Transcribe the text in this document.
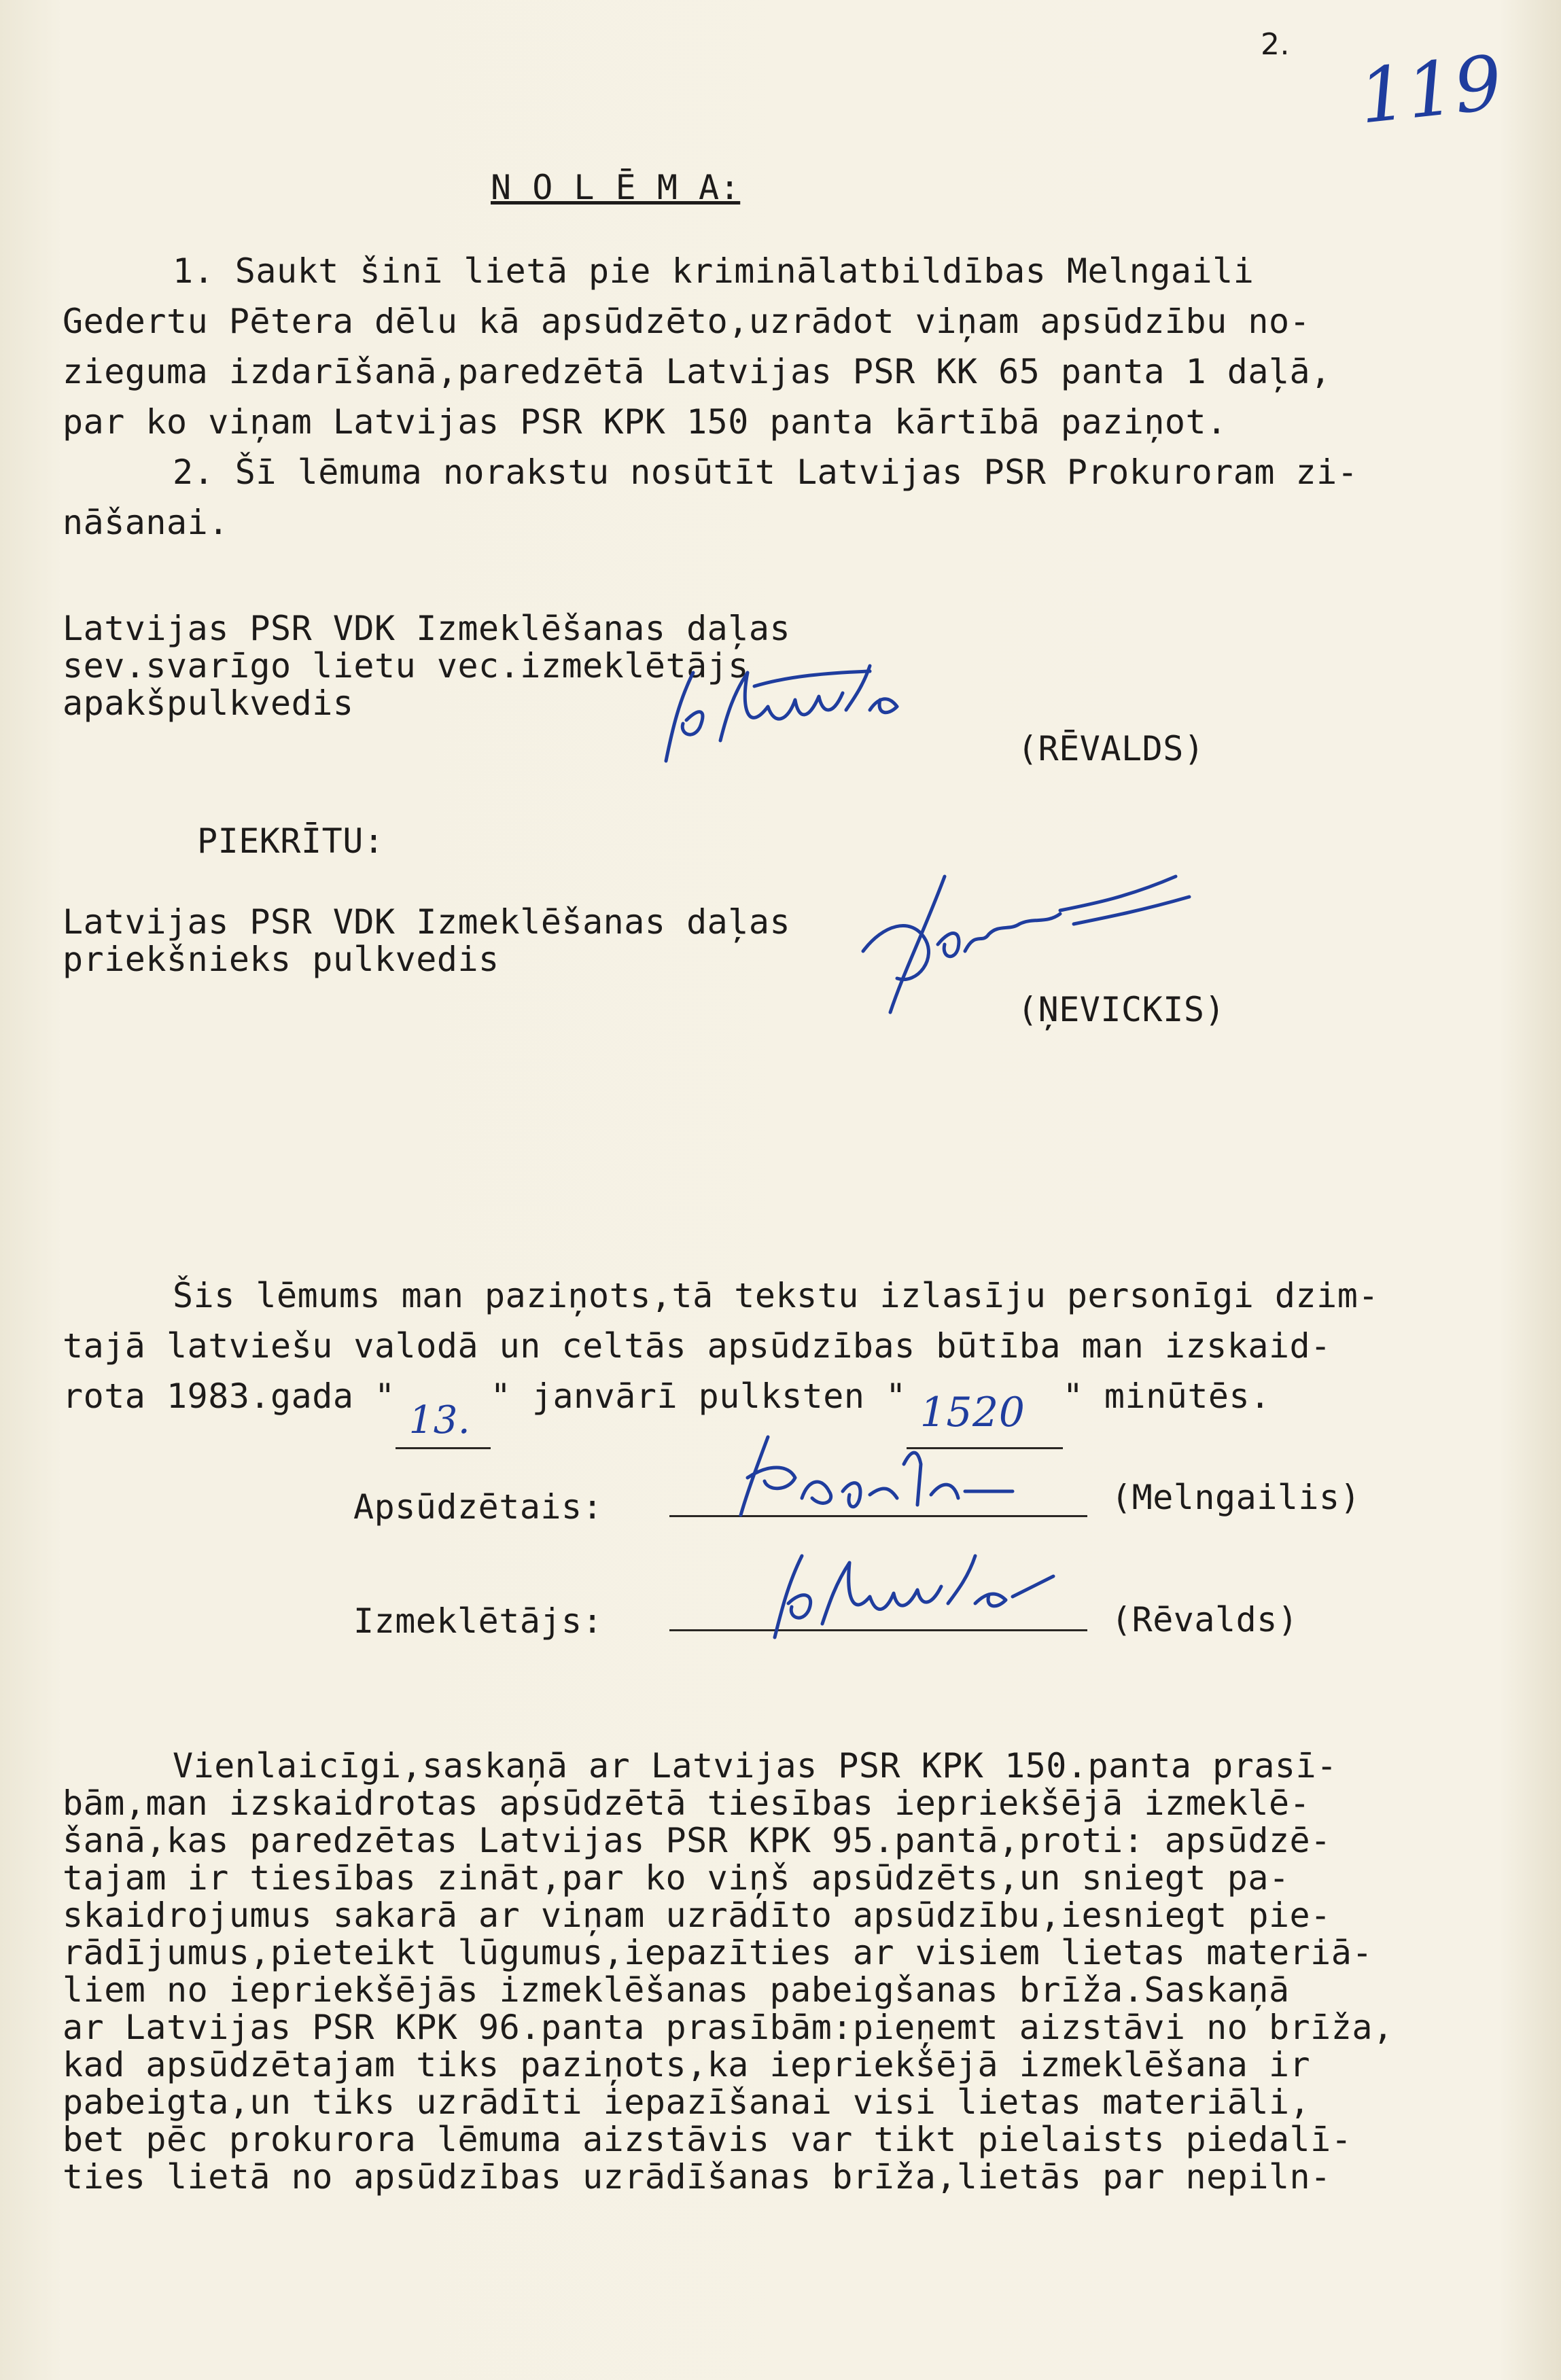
2. 119
N O L Ē M A:
1. Saukt šinī lietā pie kriminālatbildības Melngaili
Gedertu Pētera dēlu kā apsūdzēto,uzrādot viņam apsūdzību no-
zieguma izdarīšanā,paredzētā Latvijas PSR KK 65 panta 1 daļā,
par ko viņam Latvijas PSR KPK 150 panta kārtībā paziņot.
2. Šī lēmuma norakstu nosūtīt Latvijas PSR Prokuroram zi-
nāšanai.
Latvijas PSR VDK Izmeklēšanas daļas
sev.svarīgo lietu vec.izmeklētājs
apakšpulkvedis
(RĒVALDS)
PIEKRĪTU:
Latvijas PSR VDK Izmeklēšanas daļas
priekšnieks pulkvedis
(ŅEVICKIS)
Šis lēmums man paziņots,tā tekstu izlasīju personīgi dzim-
tajā latviešu valodā un celtās apsūdzības būtība man izskaid-
rota 1983.gada "
13.
" janvārī pulksten " 1520 " minūtēs.
Apsūdzētais:	(Melngailis)
Izmeklētājs:	(Rēvalds)
Vienlaicīgi,saskaņā ar Latvijas PSR KPK 150.panta prasī-
bām,man izskaidrotas apsūdzētā tiesības iepriekšējā izmeklē-
šanā,kas paredzētas Latvijas PSR KPK 95.pantā,proti: apsūdzē-
tajam ir tiesības zināt,par ko viņš apsūdzēts,un sniegt pa-
skaidrojumus sakarā ar viņam uzrādīto apsūdzību,iesniegt pie-
rādījumus,pieteikt lūgumus,iepazīties ar visiem lietas materiā-
liem no iepriekšējās izmeklēšanas pabeigšanas brīža.Saskaņā
ar Latvijas PSR KPK 96.panta prasībām:pieņemt aizstāvi no brīža,
kad apsūdzētajam tiks paziņots,ka iepriekšējā izmeklēšana ir
pabeigta,un tiks uzrādīti iepazīšanai visi lietas materiāli,
bet pēc prokurora lēmuma aizstāvis var tikt pielaists piedalī-
ties lietā no apsūdzības uzrādīšanas brīža,lietās par nepiln-
